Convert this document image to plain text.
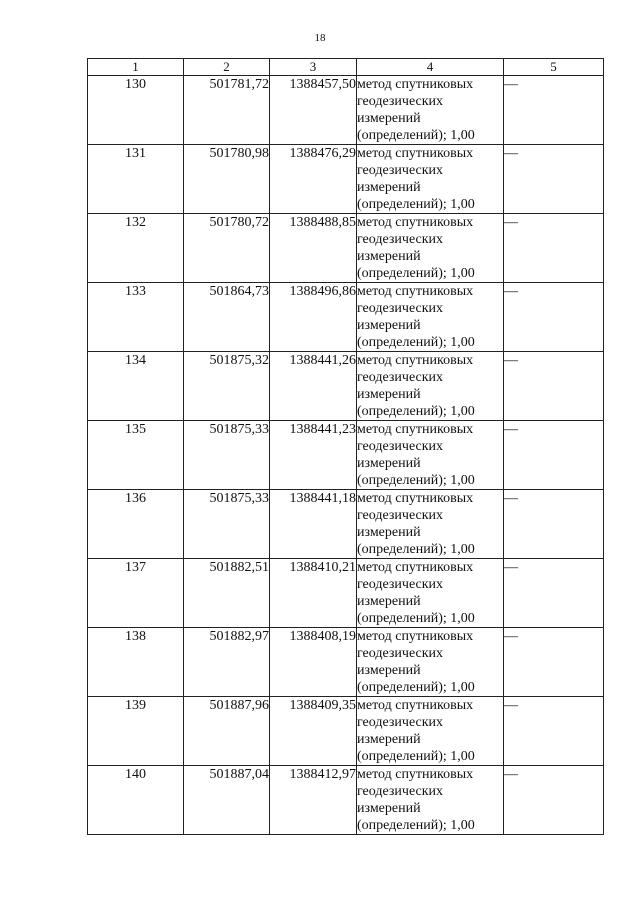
18
1	2	3	4	5
130	501781,72	1388457,50	метод спутниковых
геодезических
измерений
(определений); 1,00	—
131	501780,98	1388476,29	метод спутниковых
геодезических
измерений
(определений); 1,00	—
132	501780,72	1388488,85	метод спутниковых
геодезических
измерений
(определений); 1,00	—
133	501864,73	1388496,86	метод спутниковых
геодезических
измерений
(определений); 1,00	—
134	501875,32	1388441,26	метод спутниковых
геодезических
измерений
(определений); 1,00	—
135	501875,33	1388441,23	метод спутниковых
геодезических
измерений
(определений); 1,00	—
136	501875,33	1388441,18	метод спутниковых
геодезических
измерений
(определений); 1,00	—
137	501882,51	1388410,21	метод спутниковых
геодезических
измерений
(определений); 1,00	—
138	501882,97	1388408,19	метод спутниковых
геодезических
измерений
(определений); 1,00	—
139	501887,96	1388409,35	метод спутниковых
геодезических
измерений
(определений); 1,00	—
140	501887,04	1388412,97	метод спутниковых
геодезических
измерений
(определений); 1,00	—
